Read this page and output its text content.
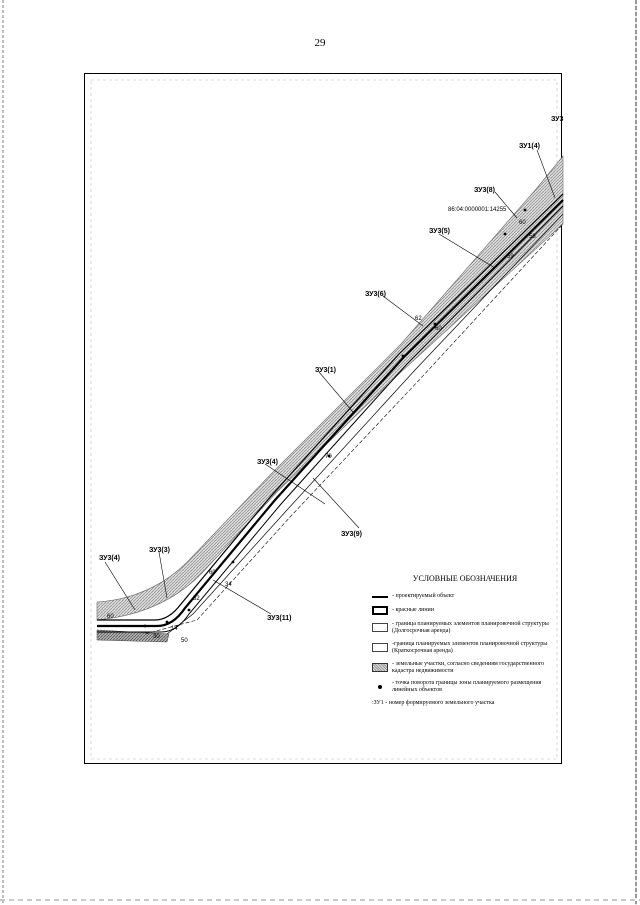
29
ЗУ3
ЗУ1(4)
ЗУ3(8)
86:04:0000001:14255
ЗУ3(5)
ЗУ3(6)
ЗУ3(1)
ЗУ3(4)
ЗУ3(9)
ЗУ3(4)
ЗУ3(3)
ЗУ3(11)
58
59
60
70
34
52
60
50
14
30
62
60
60
УСЛОВНЫЕ ОБОЗНАЧЕНИЯ
- проектируемый объект
- красные линии
- граница планируемых элементов планировочной структуры (Долгосрочная аренда)
-граница планируемых элементов планировочной структуры (Краткосрочная аренда)
- земельные участки, согласно сведениям государственного кадастра недвижимости
- точка поворота границы зоны планируемого размещения линейных объектов
:ЗУ1 - номер формируемого земельного участка
